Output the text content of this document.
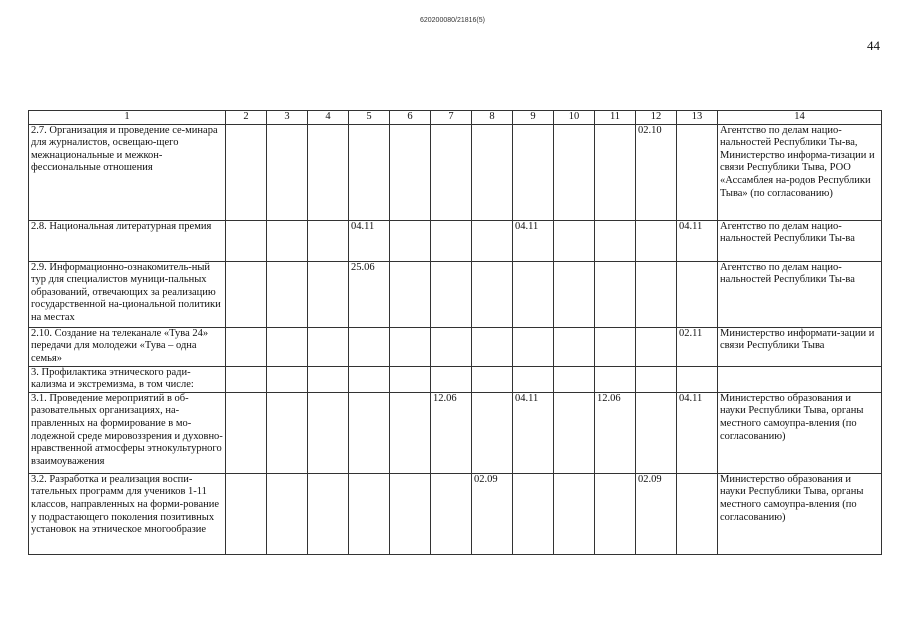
620200080/21816(5)
44
1	2	3	4	5	6	7	8	9	10	11	12	13	14
2.7. Организация и проведение се-минара для журналистов, освещаю-щего межнациональные и межкон-фессиональные отношения											02.10		Агентство по делам нацио-нальностей Республики Ты-ва, Министерство информа-тизации и связи Республики Тыва, РОО «Ассамблея на-родов Республики Тыва» (по согласованию)
2.8. Национальная литературная премия				04.11				04.11				04.11	Агентство по делам нацио-нальностей Республики Ты-ва
2.9. Информационно-ознакомитель-ный тур для специалистов муници-пальных образований, отвечающих за реализацию государственной на-циональной политики на местах				25.06									Агентство по делам нацио-нальностей Республики Ты-ва
2.10. Создание на телеканале «Тува 24» передачи для молодежи «Тува – одна семья»												02.11	Министерство информати-зации и связи Республики Тыва
3. Профилактика этнического ради-кализма и экстремизма, в том числе:													
3.1. Проведение мероприятий в об-разовательных организациях, на-правленных на формирование в мо-лодежной среде мировоззрения и духовно-нравственной атмосферы этнокультурного взаимоуважения						12.06		04.11		12.06		04.11	Министерство образования и науки Республики Тыва, органы местного самоупра-вления (по согласованию)
3.2. Разработка и реализация воспи-тательных программ для учеников 1-11 классов, направленных на форми-рование у подрастающего поколения позитивных установок на этническое многообразие							02.09				02.09		Министерство образования и науки Республики Тыва, органы местного самоупра-вления (по согласованию)
